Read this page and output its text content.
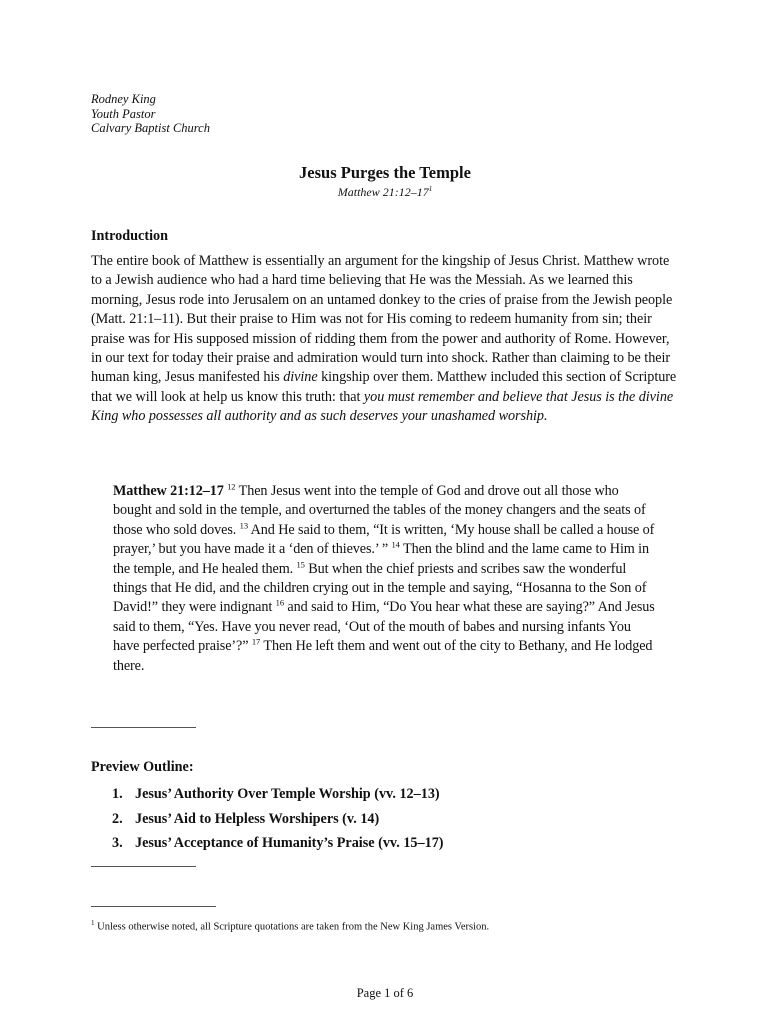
Rodney King
Youth Pastor
Calvary Baptist Church
Jesus Purges the Temple
Matthew $21:12-17^1$
Introduction
The entire book of Matthew is essentially an argument for the kingship of Jesus Christ. Matthew wrote to a Jewish audience who had a hard time believing that He was the Messiah. As we learned this morning, Jesus rode into Jerusalem on an untamed donkey to the cries of praise from the Jewish people (Matt. 21:1–11). But their praise to Him was not for His coming to redeem humanity from sin; their praise was for His supposed mission of ridding them from the power and authority of Rome. However, in our text for today their praise and admiration would turn into shock. Rather than claiming to be their human king, Jesus manifested his divine kingship over them. Matthew included this section of Scripture that we will look at help us know this truth: that you must remember and believe that Jesus is the divine King who possesses all authority and as such deserves your unashamed worship.
Matthew 21:12–17 $^{12}$ Then Jesus went into the temple of God and drove out all those who bought and sold in the temple, and overturned the tables of the money changers and the seats of those who sold doves. $^{13}$ And He said to them, “It is written, ‘My house shall be called a house of prayer,’ but you have made it a ‘den of thieves.’ ” $^{14}$ Then the blind and the lame came to Him in the temple, and He healed them. $^{15}$ But when the chief priests and scribes saw the wonderful things that He did, and the children crying out in the temple and saying, “Hosanna to the Son of David!” they were indignant $^{16}$ and said to Him, “Do You hear what these are saying?” And Jesus said to them, “Yes. Have you never read, ‘Out of the mouth of babes and nursing infants You have perfected praise’?” $^{17}$ Then He left them and went out of the city to Bethany, and He lodged there.
Preview Outline:
1. Jesus’ Authority Over Temple Worship (vv. 12–13)
2. Jesus’ Aid to Helpless Worshipers (v. 14)
3. Jesus’ Acceptance of Humanity’s Praise (vv. 15–17)
$^1$ Unless otherwise noted, all Scripture quotations are taken from the New King James Version.
Page 1 of 6
